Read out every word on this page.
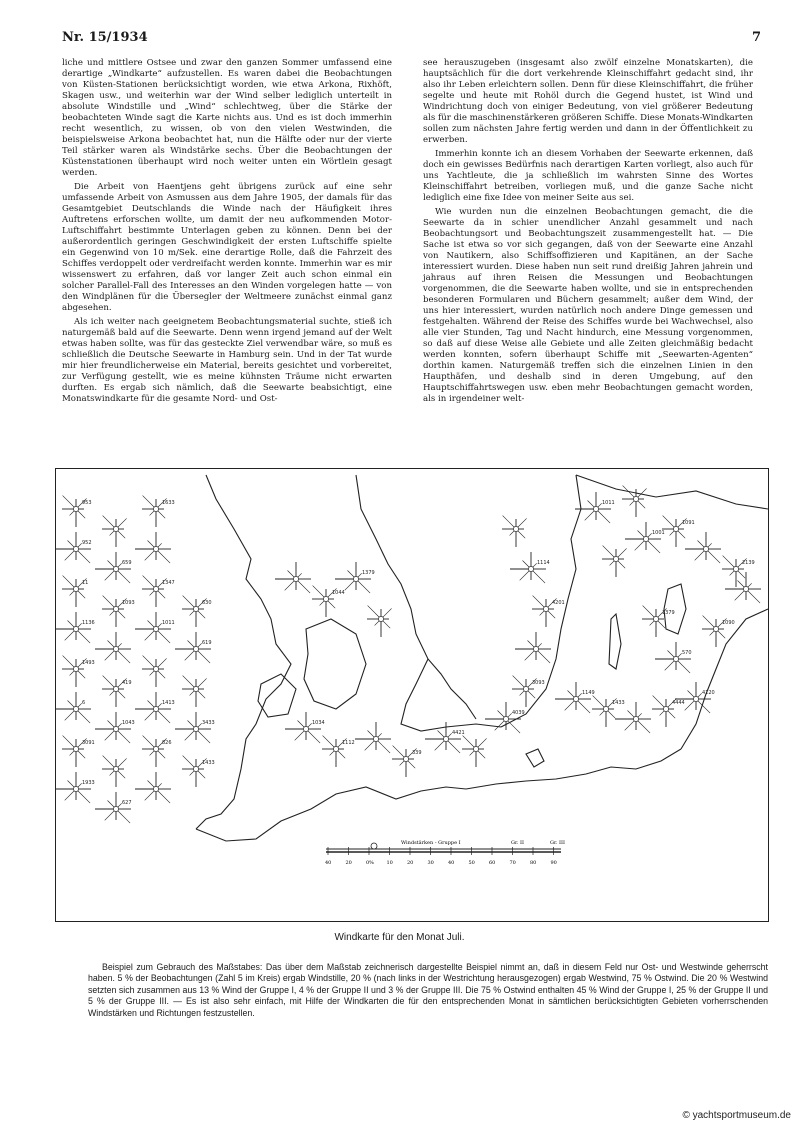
Nr. 15/1934	7

liche und mittlere Ostsee und zwar den ganzen Sommer umfassend eine derartige „Windkarte“ aufzustellen. Es waren dabei die Beobachtungen von Küsten-Stationen berücksichtigt worden, wie etwa Arkona, Rixhöft, Skagen usw., und weiterhin war der Wind selber lediglich unterteilt in absolute Windstille und „Wind“ schlechtweg, über die Stärke der beobachteten Winde sagt die Karte nichts aus. Und es ist doch immerhin recht wesentlich, zu wissen, ob von den vielen Westwinden, die beispielsweise Arkona beobachtet hat, nun die Hälfte oder nur der vierte Teil stärker waren als Windstärke sechs. Über die Beobachtungen der Küstenstationen überhaupt wird noch weiter unten ein Wörtlein gesagt werden.

Die Arbeit von Haentjens geht übrigens zurück auf eine sehr umfassende Arbeit von Asmussen aus dem Jahre 1905, der damals für das Gesamtgebiet Deutschlands die Winde nach der Häufigkeit ihres Auftretens erforschen wollte, um damit der neu aufkommenden Motor-Luftschiffahrt bestimmte Unterlagen geben zu können. Denn bei der außerordentlich geringen Geschwindigkeit der ersten Luftschiffe spielte ein Gegenwind von 10 m/Sek. eine derartige Rolle, daß die Fahrzeit des Schiffes verdoppelt oder verdreifacht werden konnte. Immerhin war es mir wissenswert zu erfahren, daß vor langer Zeit auch schon einmal ein solcher Parallel-Fall des Interesses an den Winden vorgelegen hatte — von den Windplänen für die Übersegler der Weltmeere zunächst einmal ganz abgesehen.

Als ich weiter nach geeignetem Beobachtungsmaterial suchte, stieß ich naturgemäß bald auf die Seewarte. Denn wenn irgend jemand auf der Welt etwas haben sollte, was für das gesteckte Ziel verwendbar wäre, so muß es schließlich die Deutsche Seewarte in Hamburg sein. Und in der Tat wurde mir hier freundlicherweise ein Material, bereits gesichtet und vorbereitet, zur Verfügung gestellt, wie es meine kühnsten Träume nicht erwarten durften. Es ergab sich nämlich, daß die Seewarte beabsichtigt, eine Monatswindkarte für die gesamte Nord- und Ost-

see herauszugeben (insgesamt also zwölf einzelne Monatskarten), die hauptsächlich für die dort verkehrende Kleinschiffahrt gedacht sind, ihr also ihr Leben erleichtern sollen. Denn für diese Kleinschiffahrt, die früher segelte und heute mit Rohöl durch die Gegend hustet, ist Wind und Windrichtung doch von einiger Bedeutung, von viel größerer Bedeutung als für die maschinenstärkeren größeren Schiffe. Diese Monats-Windkarten sollen zum nächsten Jahre fertig werden und dann in der Öffentlichkeit zu erwerben.

Immerhin konnte ich an diesem Vorhaben der Seewarte erkennen, daß doch ein gewisses Bedürfnis nach derartigen Karten vorliegt, also auch für uns Yachtleute, die ja schließlich im wahrsten Sinne des Wortes Kleinschiffahrt betreiben, vorliegen muß, und die ganze Sache nicht lediglich eine fixe Idee von meiner Seite aus sei.

Wie wurden nun die einzelnen Beobachtungen gemacht, die die Seewarte da in schier unendlicher Anzahl gesammelt und nach Beobachtungsort und Beobachtungszeit zusammengestellt hat. — Die Sache ist etwa so vor sich gegangen, daß von der Seewarte eine Anzahl von Nautikern, also Schiffsoffizieren und Kapitänen, an der Sache interessiert wurden. Diese haben nun seit rund dreißig Jahren jahrein und jahraus auf ihren Reisen die Messungen und Beobachtungen vorgenommen, die die Seewarte haben wollte, und sie in entsprechenden besonderen Formularen und Büchern gesammelt; außer dem Wind, der uns hier interessiert, wurden natürlich noch andere Dinge gemessen und festgehalten. Während der Reise des Schiffes wurde bei Wachwechsel, also alle vier Stunden, Tag und Nacht hindurch, eine Messung vorgenommen, so daß auf diese Weise alle Gebiete und alle Zeiten gleichmäßig bedacht werden konnten, sofern überhaupt Schiffe mit „Seewarten-Agenten“ dorthin kamen. Naturgemäß treffen sich die einzelnen Linien in den Haupthäfen, und deshalb sind in deren Umgebung, auf den Hauptschiffahrtswegen usw. eben mehr Beobachtungen gemacht worden, als in irgendeiner welt-

952
1493
1933
1093
1043
1633
1011
826
619
1433
1379
1112
4421
3093
1114
1433
4120
1091
1011
1090
953
1136
3091
659
419
627
1347
1413
630
3433
1044
1034
339
4039
4201
1149
4444
1001
2139
570
1379
11
6
Windstärken - Gruppe I	Gr. II	Gr. III
40	20	0%	10	20	30	40	50	60	70	80	90
Windkarte für den Monat Juli.
Beispiel zum Gebrauch des Maßstabes: Das über dem Maßstab zeichnerisch dargestellte Beispiel nimmt an, daß in diesem Feld nur Ost- und Westwinde geherrscht haben. 5 % der Beobachtungen (Zahl 5 im Kreis) ergab Windstille, 20 % (nach links in der Westrichtung herausgezogen) ergab Westwind, 75 % Ostwind. Die 20 % Westwind setzten sich zusammen aus 13 % Wind der Gruppe I, 4 % der Gruppe II und 3 % der Gruppe III. Die 75 % Ostwind enthalten 45 % Wind der Gruppe I, 25 % der Gruppe II und 5 % der Gruppe III. — Es ist also sehr einfach, mit Hilfe der Windkarten die für den entsprechenden Monat in sämtlichen berücksichtigten Gebieten vorherrschenden Windstärken und Richtungen festzustellen.
© yachtsportmuseum.de
